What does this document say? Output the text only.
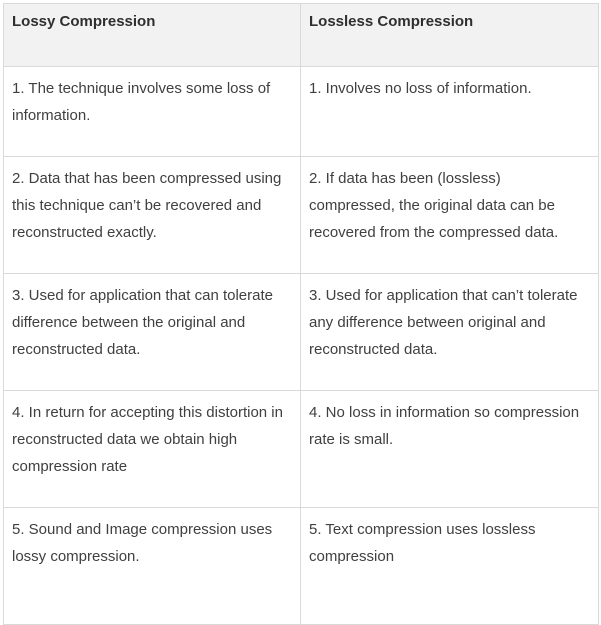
Lossy Compression	Lossless Compression
1. The technique involves some loss of information.	1. Involves no loss of information.
2. Data that has been compressed using this technique can’t be recovered and reconstructed exactly.	2. If data has been (lossless) compressed, the original data can be recovered from the compressed data.
3. Used for application that can tolerate difference between the original and reconstructed data.	3. Used for application that can’t tolerate any difference between original and reconstructed data.
4. In return for accepting this distortion in reconstructed data we obtain high compression rate	4. No loss in information so compression rate is small.
5. Sound and Image compression uses lossy compression.	5. Text compression uses lossless compression
